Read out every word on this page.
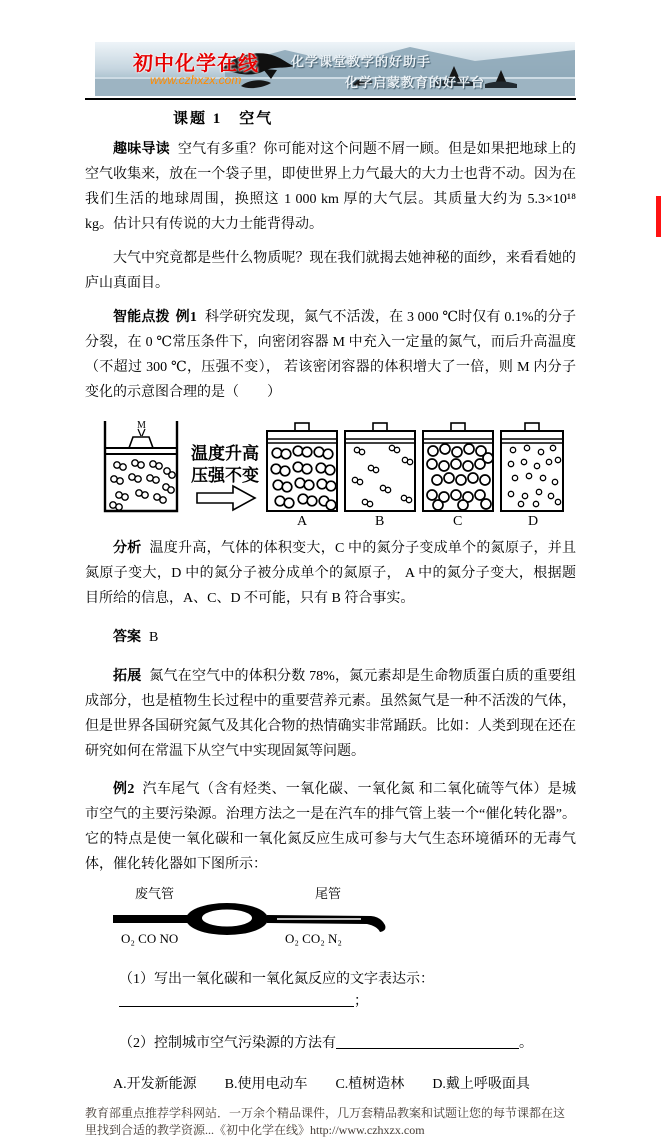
初中化学在线
www.czhxzx.com
化学课堂教学的好助手
化学启蒙教育的好平台
课题 1　空气

趣味导读 空气有多重？你可能对这个问题不屑一顾。但是如果把地球上的空气收集来，放在一个袋子里，即使世界上力气最大的大力士也背不动。因为在我们生活的地球周围，换照这 1 000 km 厚的大气层。其质量大约为 5.3×10¹⁸ kg。估计只有传说的大力士能背得动。

大气中究竟都是些什么物质呢？现在我们就揭去她神秘的面纱，来看看她的庐山真面目。

智能点拨 例1 科学研究发现，氮气不活泼，在 3 000 ℃时仅有 0.1%的分子分裂，在 0 ℃常压条件下，向密闭容器 M 中充入一定量的氮气，而后升高温度（不超过 300 ℃，压强不变）， 若该密闭容器的体积增大了一倍，则 M 内分子变化的示意图合理的是（　　）

M
温度升高
压强不变
A	B	C	D

分析 温度升高，气体的体积变大，C 中的氮分子变成单个的氮原子，并且氮原子变大，D 中的氮分子被分成单个的氮原子， A 中的氮分子变大，根据题目所给的信息，A、C、D 不可能，只有 B 符合事实。

答案 B

拓展 氮气在空气中的体积分数 78%，氮元素却是生命物质蛋白质的重要组成部分，也是植物生长过程中的重要营养元素。虽然氮气是一种不活泼的气体，但是世界各国研究氮气及其化合物的热情确实非常踊跃。比如：人类到现在还在研究如何在常温下从空气中实现固氮等问题。

例2 汽车尾气（含有烃类、一氧化碳、一氧化氮 和二氧化硫等气体）是城市空气的主要污染源。治理方法之一是在汽车的排气管上装一个“催化转化器”。它的特点是使一氧化碳和一氧化氮反应生成可参与大气生态环境循环的无毒气体，催化转化器如下图所示：

废气管	尾管
O₂ CO NO	O₂ CO₂ N₂

（1）写出一氧化碳和一氧化氮反应的文字表达示：；

（2）控制城市空气污染源的方法有	。

A.开发新能源 B.使用电动车 C.植树造林 D.戴上呼吸面具

教育部重点推荐学科网站．一万余个精品课件，几万套精品教案和试题让您的每节课都在这里找到合适的教学资源...《初中化学在线》http://www.czhxzx.com
